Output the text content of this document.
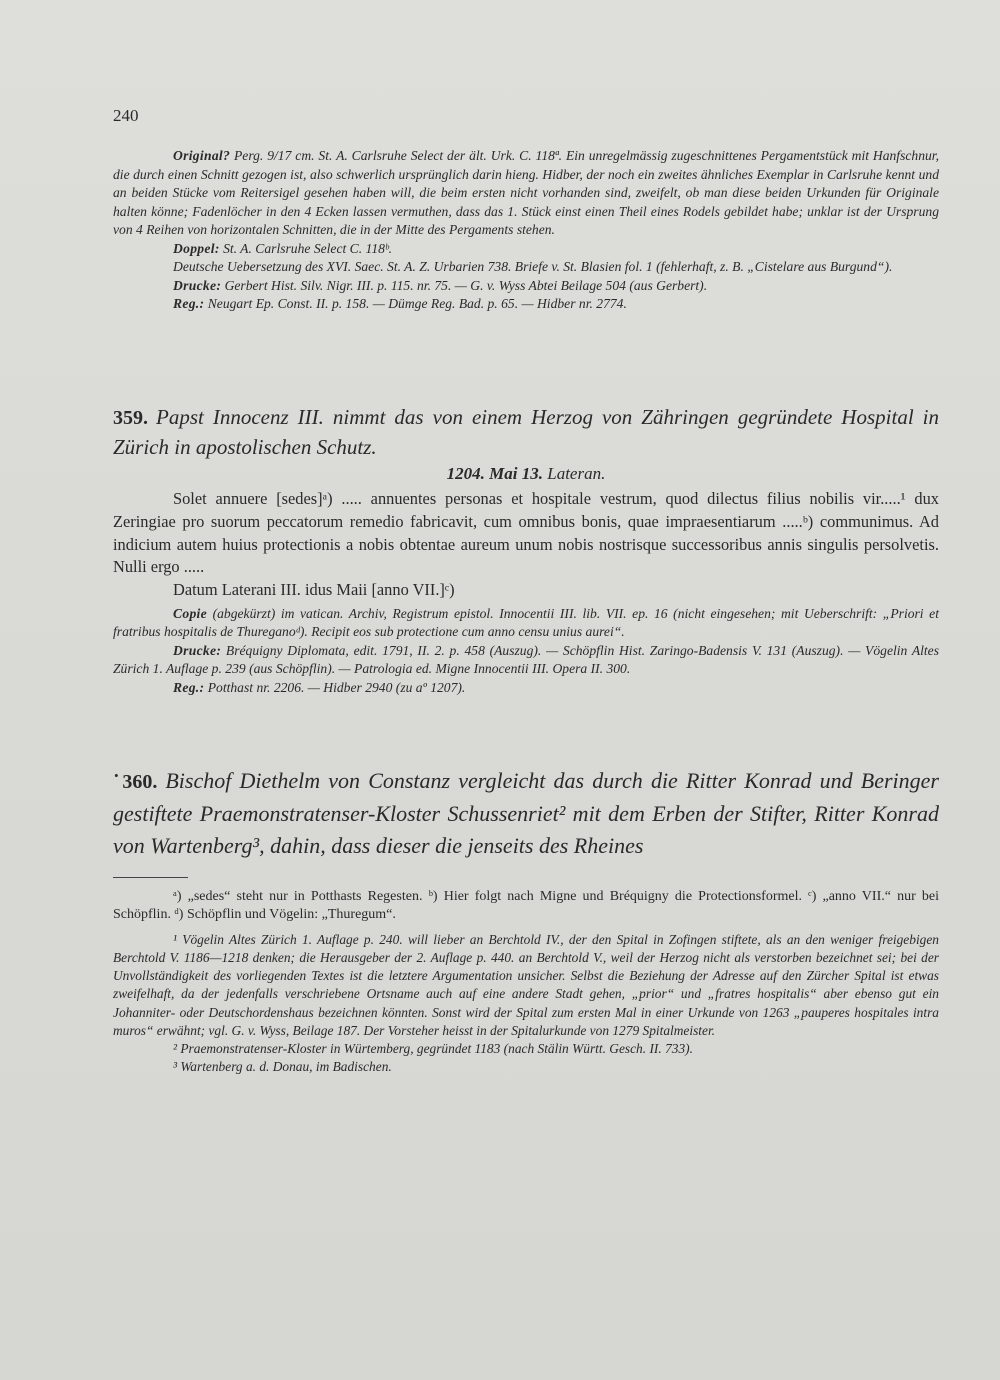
240

Original? Perg. 9/17 cm. St. A. Carlsruhe Select der ält. Urk. C. 118ª. Ein unregelmässig zugeschnittenes Pergamentstück mit Hanfschnur, die durch einen Schnitt gezogen ist, also schwerlich ursprünglich darin hieng. Hidber, der noch ein zweites ähnliches Exemplar in Carlsruhe kennt und an beiden Stücke vom Reitersigel gesehen haben will, die beim ersten nicht vorhanden sind, zweifelt, ob man diese beiden Urkunden für Originale halten könne; Fadenlöcher in den 4 Ecken lassen vermuthen, dass das 1. Stück einst einen Theil eines Rodels gebildet habe; unklar ist der Ursprung von 4 Reihen von horizontalen Schnitten, die in der Mitte des Pergaments stehen.

Doppel: St. A. Carlsruhe Select C. 118ᵇ.

Deutsche Uebersetzung des XVI. Saec. St. A. Z. Urbarien 738. Briefe v. St. Blasien fol. 1 (fehlerhaft, z. B. „Cistelare aus Burgund“).

Drucke: Gerbert Hist. Silv. Nigr. III. p. 115. nr. 75. — G. v. Wyss Abtei Beilage 504 (aus Gerbert).

Reg.: Neugart Ep. Const. II. p. 158. — Dümge Reg. Bad. p. 65. — Hidber nr. 2774.

359. Papst Innocenz III. nimmt das von einem Herzog von Zähringen gegründete Hospital in Zürich in apostolischen Schutz.
1204. Mai 13. Lateran.

Solet annuere [sedes]ᵃ) ..... annuentes personas et hospitale vestrum, quod dilectus filius nobilis vir.....¹ dux Zeringiae pro suorum peccatorum remedio fabricavit, cum omnibus bonis, quae impraesentiarum .....ᵇ) communimus. Ad indicium autem huius protectionis a nobis obtentae aureum unum nobis nostrisque successoribus annis singulis persolvetis. Nulli ergo .....

Datum Laterani III. idus Maii [anno VII.]ᶜ)

Copie (abgekürzt) im vatican. Archiv, Registrum epistol. Innocentii III. lib. VII. ep. 16 (nicht eingesehen; mit Ueberschrift: „Priori et fratribus hospitalis de Thureganoᵈ). Recipit eos sub protectione cum anno censu unius aurei“.

Drucke: Bréquigny Diplomata, edit. 1791, II. 2. p. 458 (Auszug). — Schöpflin Hist. Zaringo-Badensis V. 131 (Auszug). — Vögelin Altes Zürich 1. Auflage p. 239 (aus Schöpflin). — Patrologia ed. Migne Innocentii III. Opera II. 300.

Reg.: Potthast nr. 2206. — Hidber 2940 (zu aº 1207).

˙360. Bischof Diethelm von Constanz vergleicht das durch die Ritter Konrad und Beringer gestiftete Praemonstratenser-Kloster Schussenriet² mit dem Erben der Stifter, Ritter Konrad von Wartenberg³, dahin, dass dieser die jenseits des Rheines

ᵃ) „sedes“ steht nur in Potthasts Regesten. ᵇ) Hier folgt nach Migne und Bréquigny die Protectionsformel. ᶜ) „anno VII.“ nur bei Schöpflin. ᵈ) Schöpflin und Vögelin: „Thuregum“.

¹ Vögelin Altes Zürich 1. Auflage p. 240. will lieber an Berchtold IV., der den Spital in Zofingen stiftete, als an den weniger freigebigen Berchtold V. 1186—1218 denken; die Herausgeber der 2. Auflage p. 440. an Berchtold V., weil der Herzog nicht als verstorben bezeichnet sei; bei der Unvollständigkeit des vorliegenden Textes ist die letztere Argumentation unsicher. Selbst die Beziehung der Adresse auf den Zürcher Spital ist etwas zweifelhaft, da der jedenfalls verschriebene Ortsname auch auf eine andere Stadt gehen, „prior“ und „fratres hospitalis“ aber ebenso gut ein Johanniter- oder Deutschordenshaus bezeichnen könnten. Sonst wird der Spital zum ersten Mal in einer Urkunde von 1263 „pauperes hospitales intra muros“ erwähnt; vgl. G. v. Wyss, Beilage 187. Der Vorsteher heisst in der Spitalurkunde von 1279 Spitalmeister.

² Praemonstratenser-Kloster in Würtemberg, gegründet 1183 (nach Stälin Württ. Gesch. II. 733).

³ Wartenberg a. d. Donau, im Badischen.
